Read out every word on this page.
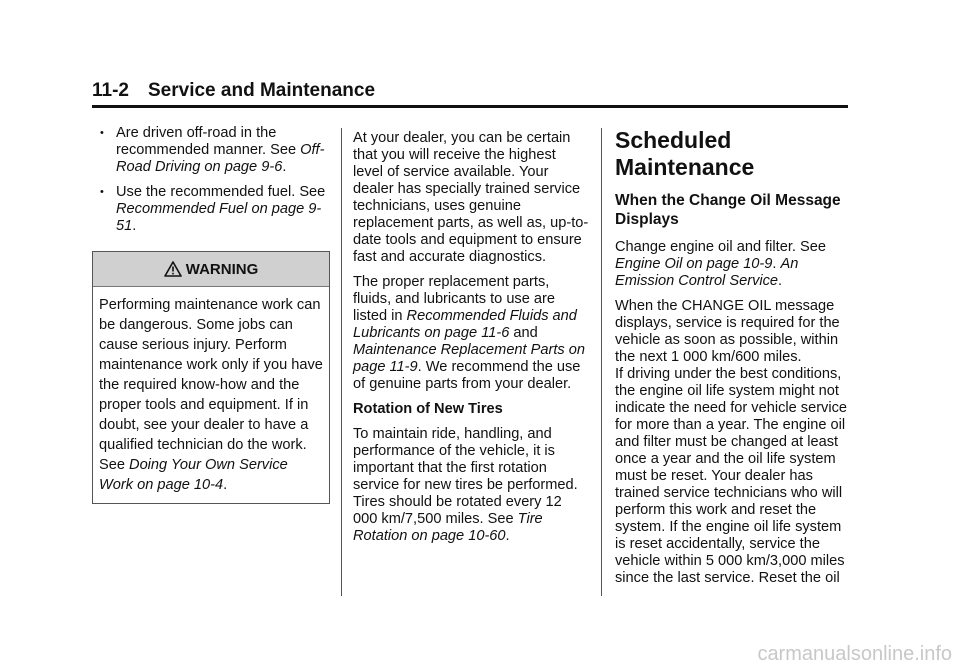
11-2 Service and Maintenance
• Are driven off-road in the recommended manner. See Off-Road Driving on page 9-6.
• Use the recommended fuel. See Recommended Fuel on page 9-51.
WARNING
Performing maintenance work can be dangerous. Some jobs can cause serious injury. Perform maintenance work only if you have the required know-how and the proper tools and equipment. If in doubt, see your dealer to have a qualified technician do the work. See Doing Your Own Service Work on page 10-4.

At your dealer, you can be certain that you will receive the highest level of service available. Your dealer has specially trained service technicians, uses genuine replacement parts, as well as, up-to-date tools and equipment to ensure fast and accurate diagnostics.

The proper replacement parts, fluids, and lubricants to use are listed in Recommended Fluids and Lubricants on page 11-6 and Maintenance Replacement Parts on page 11-9. We recommend the use of genuine parts from your dealer.

Rotation of New Tires

To maintain ride, handling, and performance of the vehicle, it is important that the first rotation service for new tires be performed. Tires should be rotated every 12 000 km/7,500 miles. See Tire Rotation on page 10-60.

Scheduled Maintenance
When the Change Oil Message Displays

Change engine oil and filter. See Engine Oil on page 10-9. An Emission Control Service.

When the CHANGE OIL message displays, service is required for the vehicle as soon as possible, within the next 1 000 km/600 miles.
If driving under the best conditions, the engine oil life system might not indicate the need for vehicle service for more than a year. The engine oil and filter must be changed at least once a year and the oil life system must be reset. Your dealer has trained service technicians who will perform this work and reset the system. If the engine oil life system is reset accidentally, service the vehicle within 5 000 km/3,000 miles since the last service. Reset the oil

carmanualsonline.info
